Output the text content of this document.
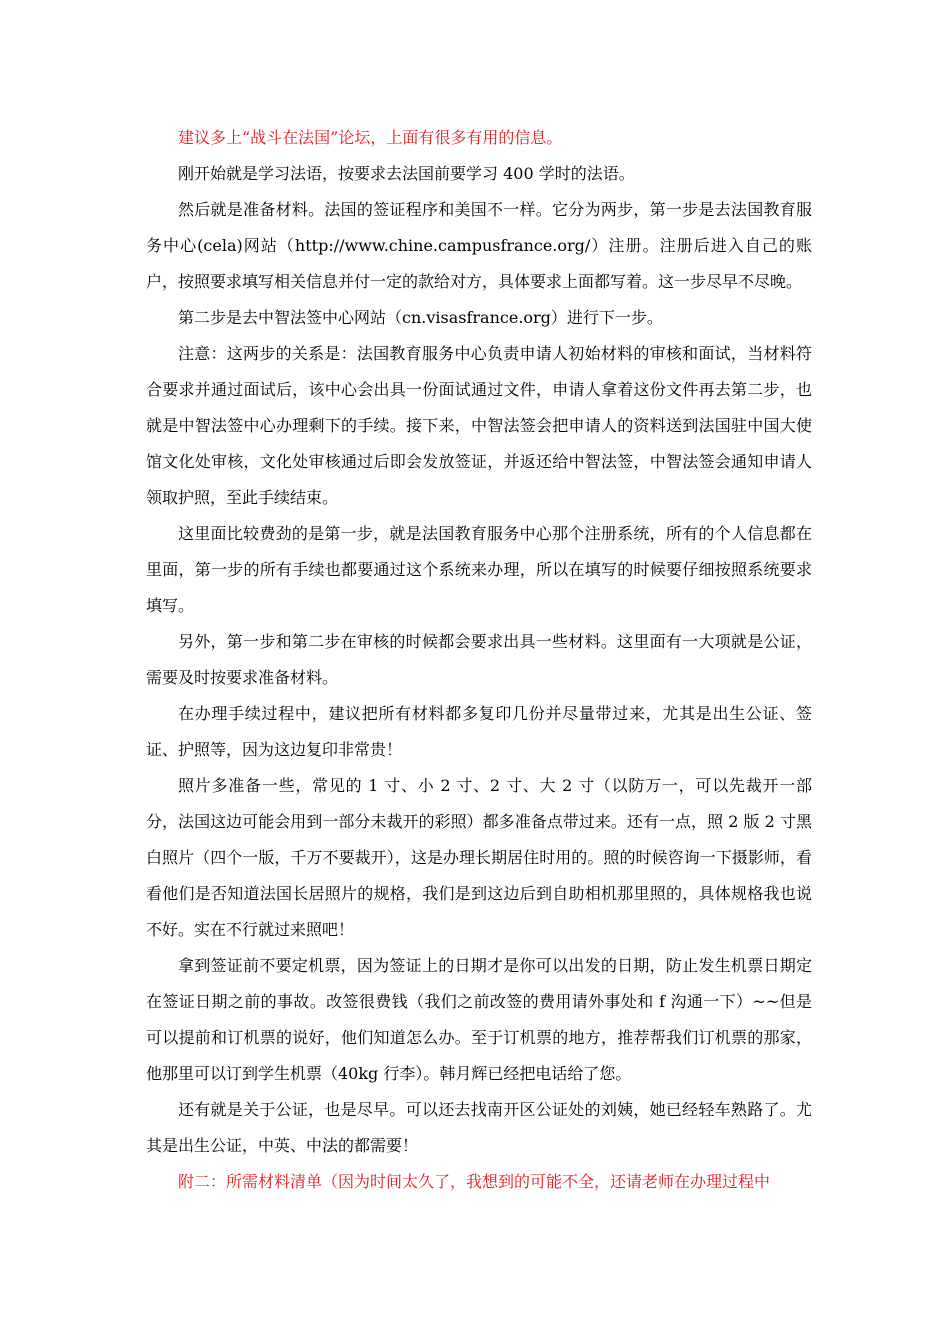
建议多上“战斗在法国”论坛，上面有很多有用的信息。

刚开始就是学习法语，按要求去法国前要学习 400 学时的法语。

然后就是准备材料。法国的签证程序和美国不一样。它分为两步，第一步是去法国教育服务中心(cela)网站（http://www.chine.campusfrance.org/）注册。注册后进入自己的账户，按照要求填写相关信息并付一定的款给对方，具体要求上面都写着。这一步尽早不尽晚。

第二步是去中智法签中心网站（cn.visasfrance.org）进行下一步。

注意：这两步的关系是：法国教育服务中心负责申请人初始材料的审核和面试，当材料符合要求并通过面试后，该中心会出具一份面试通过文件，申请人拿着这份文件再去第二步，也就是中智法签中心办理剩下的手续。接下来，中智法签会把申请人的资料送到法国驻中国大使馆文化处审核，文化处审核通过后即会发放签证，并返还给中智法签，中智法签会通知申请人领取护照，至此手续结束。

这里面比较费劲的是第一步，就是法国教育服务中心那个注册系统，所有的个人信息都在里面，第一步的所有手续也都要通过这个系统来办理，所以在填写的时候要仔细按照系统要求填写。

另外，第一步和第二步在审核的时候都会要求出具一些材料。这里面有一大项就是公证，需要及时按要求准备材料。

在办理手续过程中，建议把所有材料都多复印几份并尽量带过来，尤其是出生公证、签证、护照等，因为这边复印非常贵！

照片多准备一些，常见的 1 寸、小 2 寸、2 寸、大 2 寸（以防万一，可以先裁开一部分，法国这边可能会用到一部分未裁开的彩照）都多准备点带过来。还有一点，照 2 版 2 寸黑白照片（四个一版，千万不要裁开），这是办理长期居住时用的。照的时候咨询一下摄影师，看看他们是否知道法国长居照片的规格，我们是到这边后到自助相机那里照的，具体规格我也说不好。实在不行就过来照吧！

拿到签证前不要定机票，因为签证上的日期才是你可以出发的日期，防止发生机票日期定在签证日期之前的事故。改签很费钱（我们之前改签的费用请外事处和 f 沟通一下）~~但是可以提前和订机票的说好，他们知道怎么办。至于订机票的地方，推荐帮我们订机票的那家，他那里可以订到学生机票（40kg 行李）。韩月辉已经把电话给了您。

还有就是关于公证，也是尽早。可以还去找南开区公证处的刘姨，她已经轻车熟路了。尤其是出生公证，中英、中法的都需要！

附二：所需材料清单（因为时间太久了，我想到的可能不全，还请老师在办理过程中
